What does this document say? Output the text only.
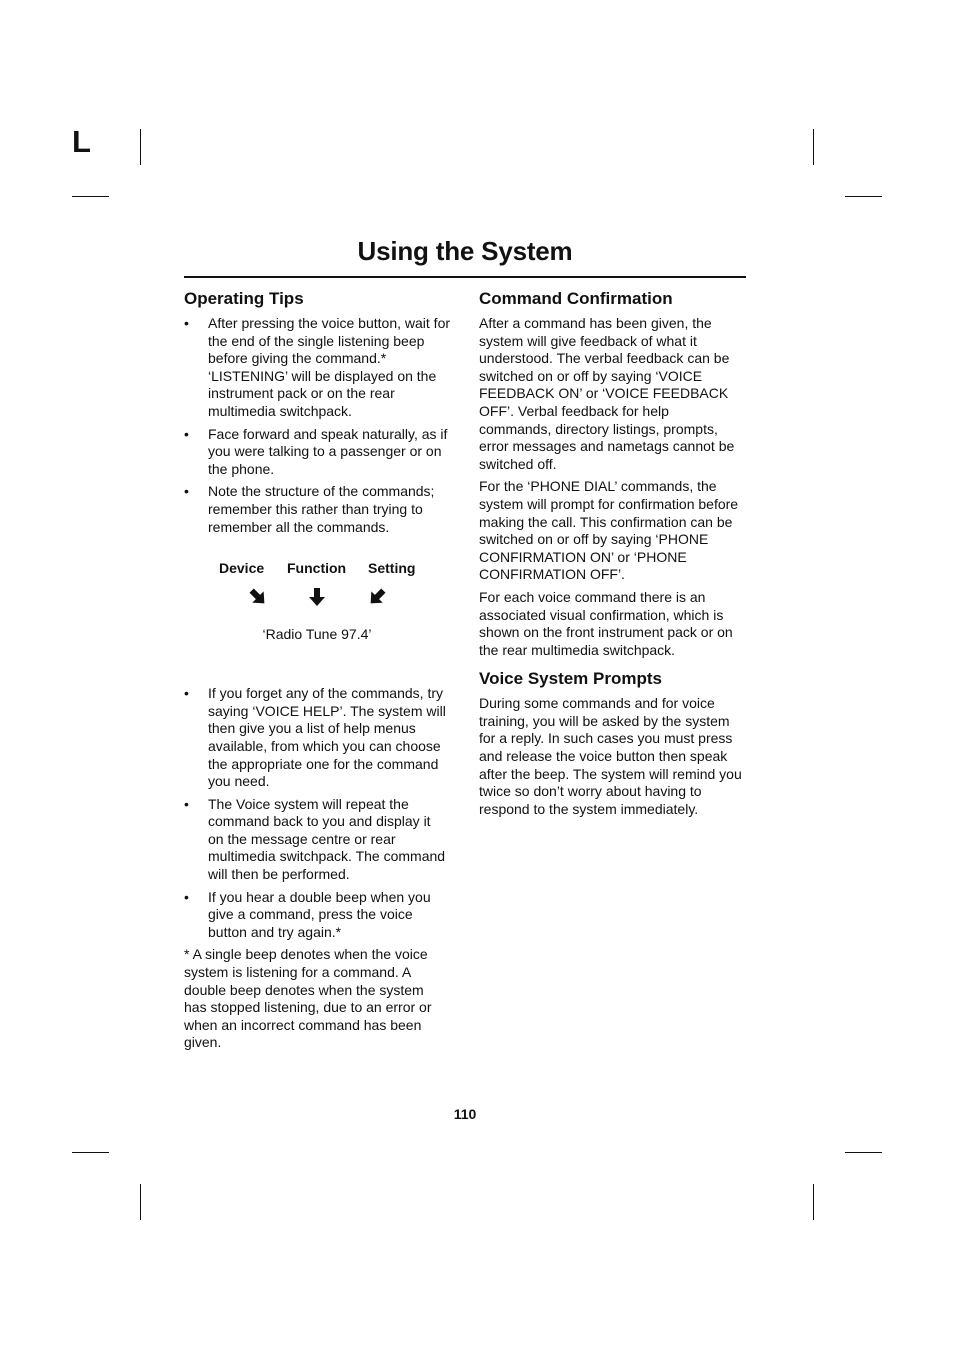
L
Using the System
Operating Tips
• After pressing the voice button, wait for the end of the single listening beep before giving the command.* ‘LISTENING’ will be displayed on the instrument pack or on the rear multimedia switchpack.
• Face forward and speak naturally, as if you were talking to a passenger or on the phone.
• Note the structure of the commands; remember this rather than trying to remember all the commands.
Device Function Setting
‘Radio Tune 97.4’
• If you forget any of the commands, try saying ‘VOICE HELP’. The system will then give you a list of help menus available, from which you can choose the appropriate one for the command you need.
• The Voice system will repeat the command back to you and display it on the message centre or rear multimedia switchpack. The command will then be performed.
• If you hear a double beep when you give a command, press the voice button and try again.*

* A single beep denotes when the voice system is listening for a command. A double beep denotes when the system has stopped listening, due to an error or when an incorrect command has been given.

Command Confirmation

After a command has been given, the system will give feedback of what it understood. The verbal feedback can be switched on or off by saying ‘VOICE FEEDBACK ON’ or ‘VOICE FEEDBACK OFF’. Verbal feedback for help commands, directory listings, prompts, error messages and nametags cannot be switched off.

For the ‘PHONE DIAL’ commands, the system will prompt for confirmation before making the call. This confirmation can be switched on or off by saying ‘PHONE CONFIRMATION ON’ or ‘PHONE CONFIRMATION OFF’.

For each voice command there is an associated visual confirmation, which is shown on the front instrument pack or on the rear multimedia switchpack.

Voice System Prompts

During some commands and for voice training, you will be asked by the system for a reply. In such cases you must press and release the voice button then speak after the beep. The system will remind you twice so don’t worry about having to respond to the system immediately.

110
